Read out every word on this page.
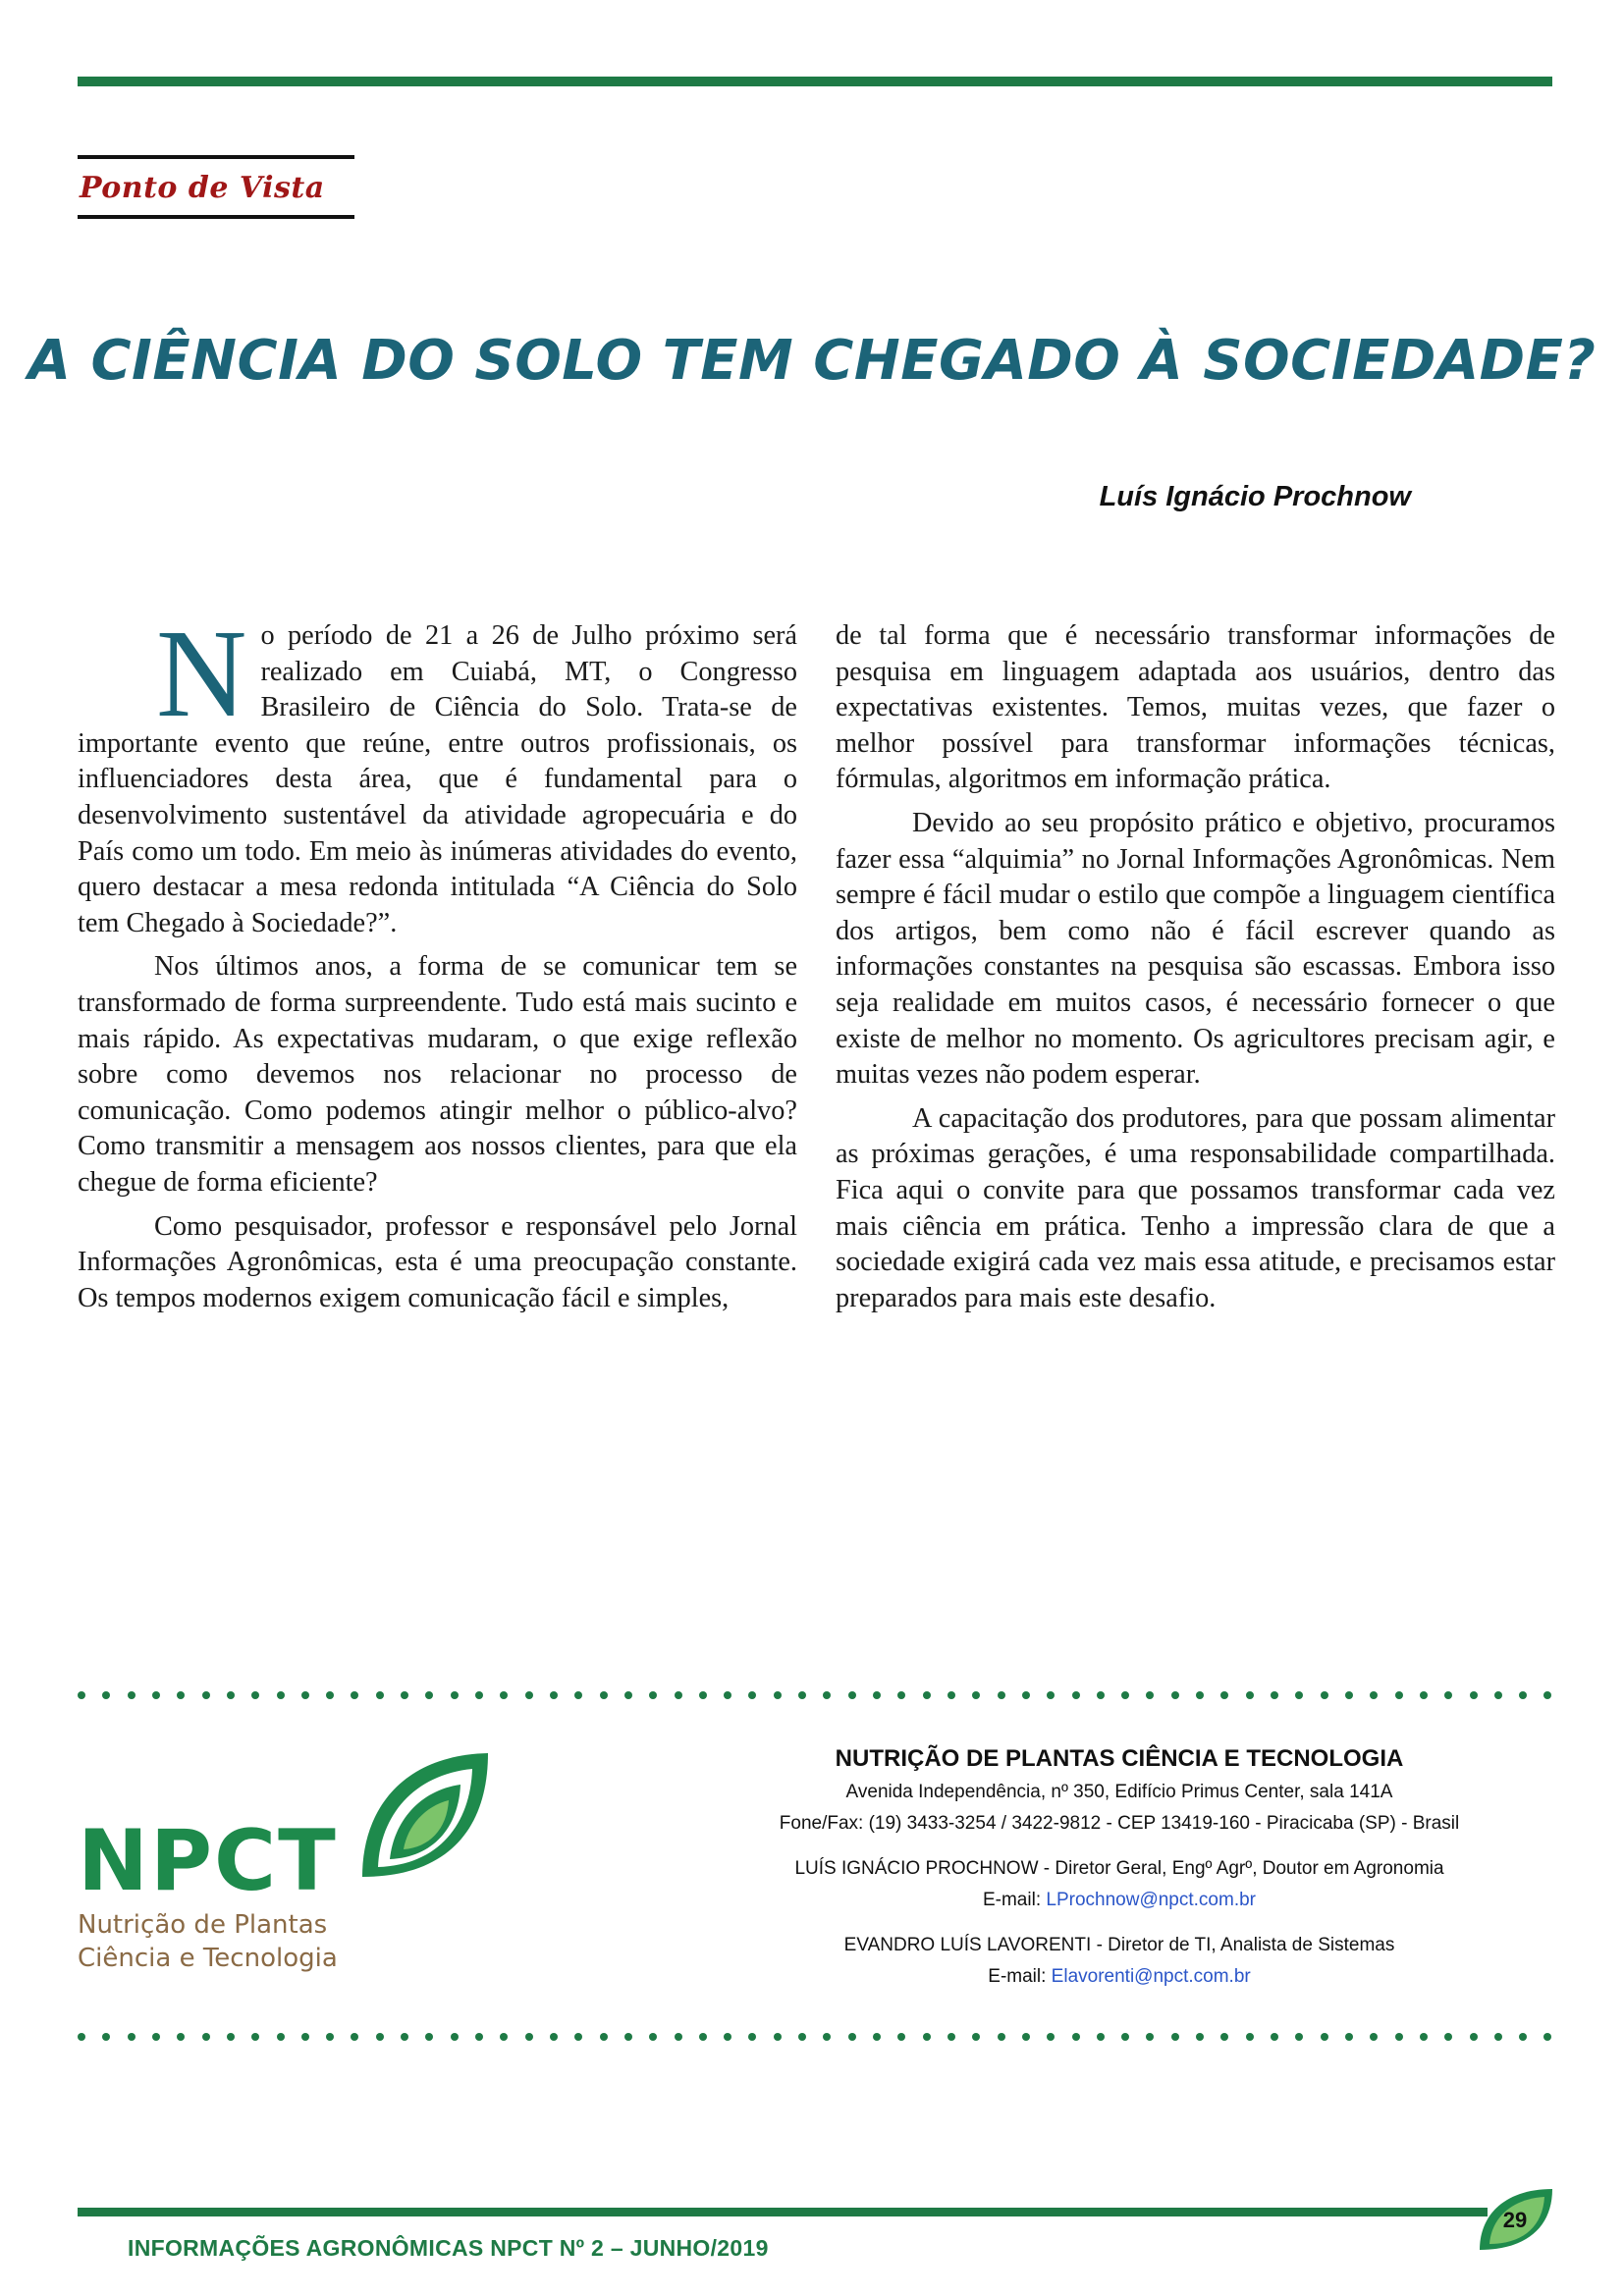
Ponto de Vista
A CIÊNCIA DO SOLO TEM CHEGADO À SOCIEDADE?
Luís Ignácio Prochnow
N o período de 21 a 26 de Julho próximo será realizado em Cuiabá, MT, o Congresso Brasileiro de Ciência do Solo. Trata-se de importante evento que reúne, entre outros profissionais, os influenciadores desta área, que é fundamental para o desenvolvimento sustentável da atividade agropecuária e do País como um todo. Em meio às inúmeras atividades do evento, quero destacar a mesa redonda intitulada “A Ciência do Solo tem Chegado à Sociedade?”.

Nos últimos anos, a forma de se comunicar tem se transformado de forma surpreendente. Tudo está mais sucinto e mais rápido. As expectativas mudaram, o que exige reflexão sobre como devemos nos relacionar no processo de comunicação. Como podemos atingir melhor o público-alvo? Como transmitir a mensagem aos nossos clientes, para que ela chegue de forma eficiente?

Como pesquisador, professor e responsável pelo Jornal Informações Agronômicas, esta é uma preocupação constante. Os tempos modernos exigem comunicação fácil e simples,

de tal forma que é necessário transformar informações de pesquisa em linguagem adaptada aos usuários, dentro das expectativas existentes. Temos, muitas vezes, que fazer o melhor possível para transformar informações técnicas, fórmulas, algoritmos em informação prática.

Devido ao seu propósito prático e objetivo, procuramos fazer essa “alquimia” no Jornal Informações Agronômicas. Nem sempre é fácil mudar o estilo que compõe a linguagem científica dos artigos, bem como não é fácil escrever quando as informações constantes na pesquisa são escassas. Embora isso seja realidade em muitos casos, é necessário fornecer o que existe de melhor no momento. Os agricultores precisam agir, e muitas vezes não podem esperar.

A capacitação dos produtores, para que possam alimentar as próximas gerações, é uma responsabilidade compartilhada. Fica aqui o convite para que possamos transformar cada vez mais ciência em prática. Tenho a impressão clara de que a sociedade exigirá cada vez mais essa atitude, e precisamos estar preparados para mais este desafio.

NPCT
Nutrição de Plantas
Ciência e Tecnologia
NUTRIÇÃO DE PLANTAS CIÊNCIA E TECNOLOGIA
Avenida Independência, nº 350, Edifício Primus Center, sala 141A
Fone/Fax: (19) 3433-3254 / 3422-9812 - CEP 13419-160 - Piracicaba (SP) - Brasil
LUÍS IGNÁCIO PROCHNOW - Diretor Geral, Engº Agrº, Doutor em Agronomia
E-mail: LProchnow@npct.com.br
EVANDRO LUÍS LAVORENTI - Diretor de TI, Analista de Sistemas
E-mail: Elavorenti@npct.com.br
INFORMAÇÕES AGRONÔMICAS NPCT Nº 2 – JUNHO/2019
29
